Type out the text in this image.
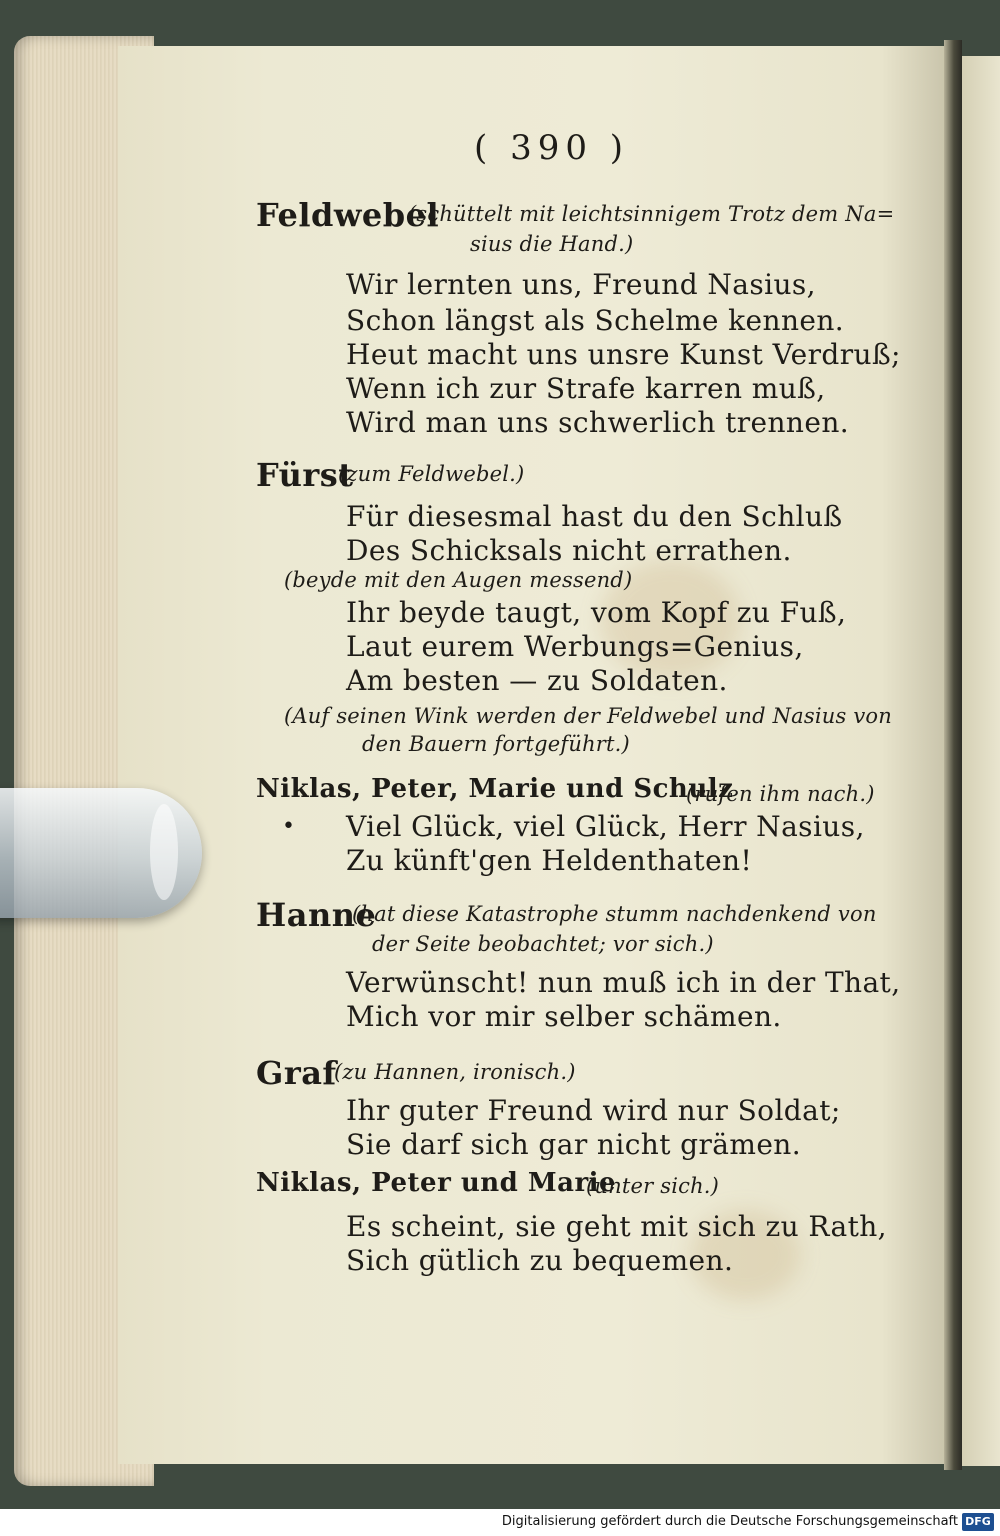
( 390 )
Feldwebel
(schüttelt mit leichtsinnigem Trotz dem Na=
sius die Hand.)
Wir lernten uns, Freund Nasius,
Schon längst als Schelme kennen.
Heut macht uns unsre Kunst Verdruß;
Wenn ich zur Strafe karren muß,
Wird man uns schwerlich trennen.
Fürst
(zum Feldwebel.)
Für diesesmal hast du den Schluß
Des Schicksals nicht errathen.
(beyde mit den Augen messend)
Ihr beyde taugt, vom Kopf zu Fuß,
Laut eurem Werbungs=Genius,
Am besten — zu Soldaten.
(Auf seinen Wink werden der Feldwebel und Nasius von
den Bauern fortgeführt.)
Niklas, Peter, Marie und Schulz
(rufen ihm nach.)
• Viel Glück, viel Glück, Herr Nasius,
Zu künft'gen Heldenthaten!
Hanne
(hat diese Katastrophe stumm nachdenkend von
der Seite beobachtet; vor sich.)
Verwünscht! nun muß ich in der That,
Mich vor mir selber schämen.
Graf
(zu Hannen, ironisch.)
Ihr guter Freund wird nur Soldat;
Sie darf sich gar nicht grämen.
Niklas, Peter und Marie
(unter sich.)
Es scheint, sie geht mit sich zu Rath,
Sich gütlich zu bequemen.
Digitalisierung gefördert durch die Deutsche Forschungsgemeinschaft DFG
